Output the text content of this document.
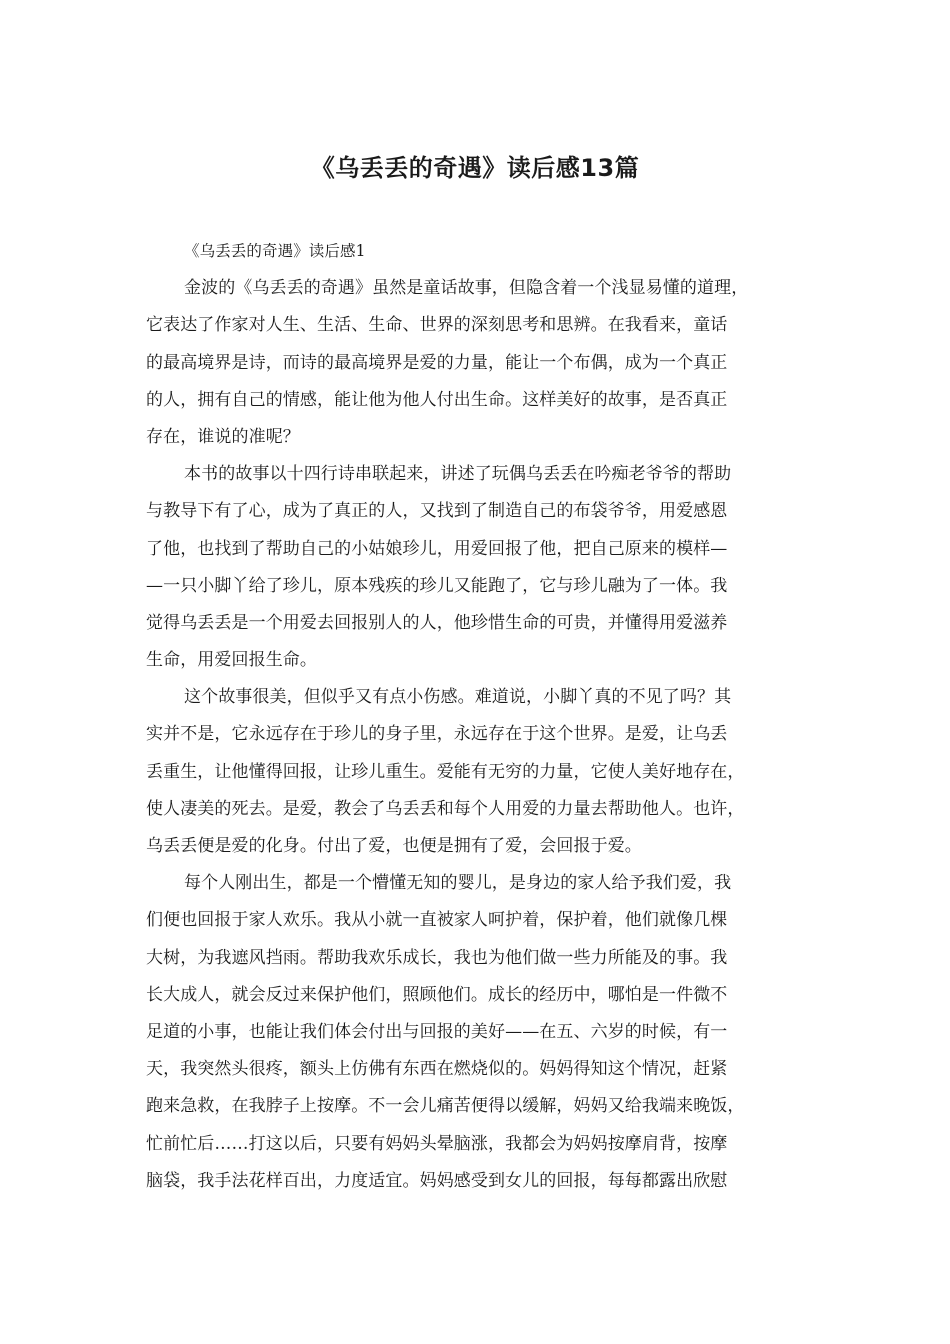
《乌丢丢的奇遇》读后感13篇
《乌丢丢的奇遇》读后感1
金波的《乌丢丢的奇遇》虽然是童话故事，但隐含着一个浅显易懂的道理，
它表达了作家对人生、生活、生命、世界的深刻思考和思辨。在我看来，童话
的最高境界是诗，而诗的最高境界是爱的力量，能让一个布偶，成为一个真正
的人，拥有自己的情感，能让他为他人付出生命。这样美好的故事，是否真正
存在，谁说的准呢？
本书的故事以十四行诗串联起来，讲述了玩偶乌丢丢在吟痴老爷爷的帮助
与教导下有了心，成为了真正的人，又找到了制造自己的布袋爷爷，用爱感恩
了他，也找到了帮助自己的小姑娘珍儿，用爱回报了他，把自己原来的模样—
—一只小脚丫给了珍儿，原本残疾的珍儿又能跑了，它与珍儿融为了一体。我
觉得乌丢丢是一个用爱去回报别人的人，他珍惜生命的可贵，并懂得用爱滋养
生命，用爱回报生命。
这个故事很美，但似乎又有点小伤感。难道说，小脚丫真的不见了吗？其
实并不是，它永远存在于珍儿的身子里，永远存在于这个世界。是爱，让乌丢
丢重生，让他懂得回报，让珍儿重生。爱能有无穷的力量，它使人美好地存在，
使人凄美的死去。是爱，教会了乌丢丢和每个人用爱的力量去帮助他人。也许，
乌丢丢便是爱的化身。付出了爱，也便是拥有了爱，会回报于爱。
每个人刚出生，都是一个懵懂无知的婴儿，是身边的家人给予我们爱，我
们便也回报于家人欢乐。我从小就一直被家人呵护着，保护着，他们就像几棵
大树，为我遮风挡雨。帮助我欢乐成长，我也为他们做一些力所能及的事。我
长大成人，就会反过来保护他们，照顾他们。成长的经历中，哪怕是一件微不
足道的小事，也能让我们体会付出与回报的美好——在五、六岁的时候，有一
天，我突然头很疼，额头上仿佛有东西在燃烧似的。妈妈得知这个情况，赶紧
跑来急救，在我脖子上按摩。不一会儿痛苦便得以缓解，妈妈又给我端来晚饭，
忙前忙后……打这以后，只要有妈妈头晕脑涨，我都会为妈妈按摩肩背，按摩
脑袋，我手法花样百出，力度适宜。妈妈感受到女儿的回报，每每都露出欣慰
